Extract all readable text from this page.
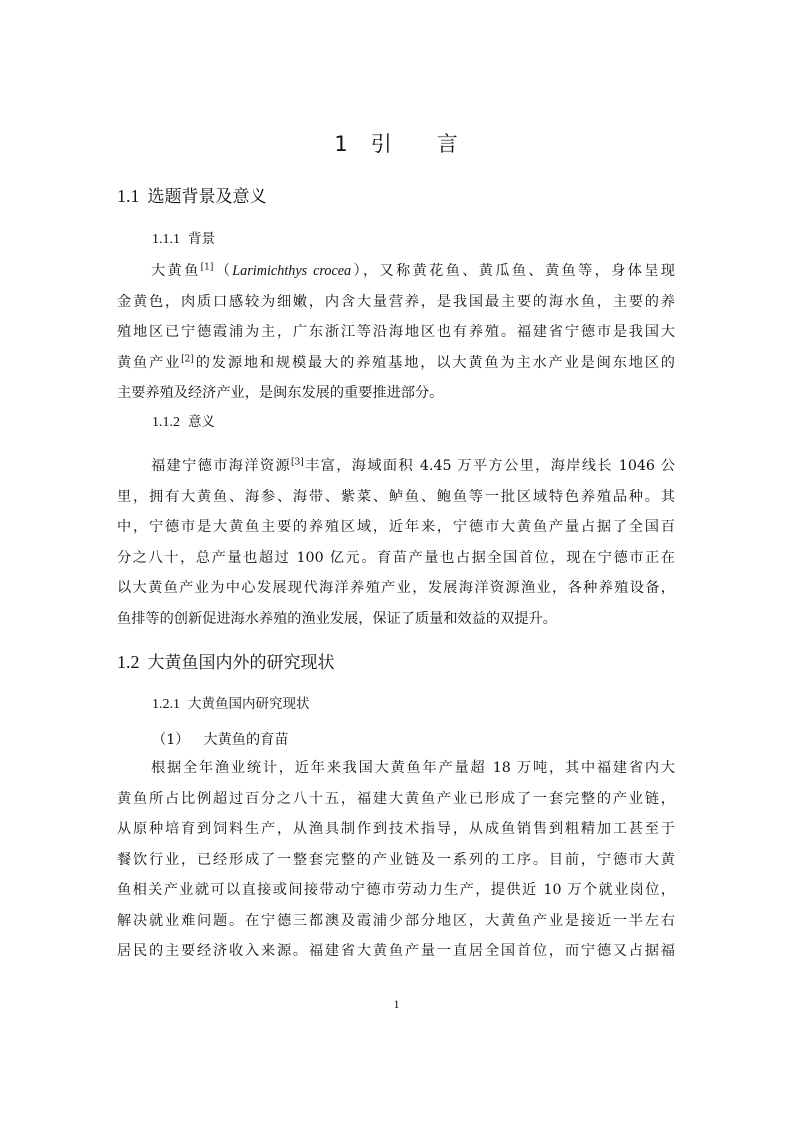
1 引 言
1.1 选题背景及意义
1.1.1 背景
大黄鱼[1]（Larimichthys crocea），又称黄花鱼、黄瓜鱼、黄鱼等，身体呈现
金黄色，肉质口感较为细嫩，内含大量营养，是我国最主要的海水鱼，主要的养
殖地区已宁德霞浦为主，广东浙江等沿海地区也有养殖。福建省宁德市是我国大
黄鱼产业[2]的发源地和规模最大的养殖基地，以大黄鱼为主水产业是闽东地区的
主要养殖及经济产业，是闽东发展的重要推进部分。
1.1.2 意义
福建宁德市海洋资源[3]丰富，海域面积 4.45 万平方公里，海岸线长 1046 公
里，拥有大黄鱼、海参、海带、紫菜、鲈鱼、鲍鱼等一批区域特色养殖品种。其
中，宁德市是大黄鱼主要的养殖区域，近年来，宁德市大黄鱼产量占据了全国百
分之八十，总产量也超过 100 亿元。育苗产量也占据全国首位，现在宁德市正在
以大黄鱼产业为中心发展现代海洋养殖产业，发展海洋资源渔业，各种养殖设备，
鱼排等的创新促进海水养殖的渔业发展，保证了质量和效益的双提升。
1.2 大黄鱼国内外的研究现状
1.2.1 大黄鱼国内研究现状
（1） 大黄鱼的育苗
根据全年渔业统计，近年来我国大黄鱼年产量超 18 万吨，其中福建省内大
黄鱼所占比例超过百分之八十五，福建大黄鱼产业已形成了一套完整的产业链，
从原种培育到饲料生产，从渔具制作到技术指导，从成鱼销售到粗精加工甚至于
餐饮行业，已经形成了一整套完整的产业链及一系列的工序。目前，宁德市大黄
鱼相关产业就可以直接或间接带动宁德市劳动力生产，提供近 10 万个就业岗位，
解决就业难问题。在宁德三都澳及霞浦少部分地区，大黄鱼产业是接近一半左右
居民的主要经济收入来源。福建省大黄鱼产量一直居全国首位，而宁德又占据福
1
